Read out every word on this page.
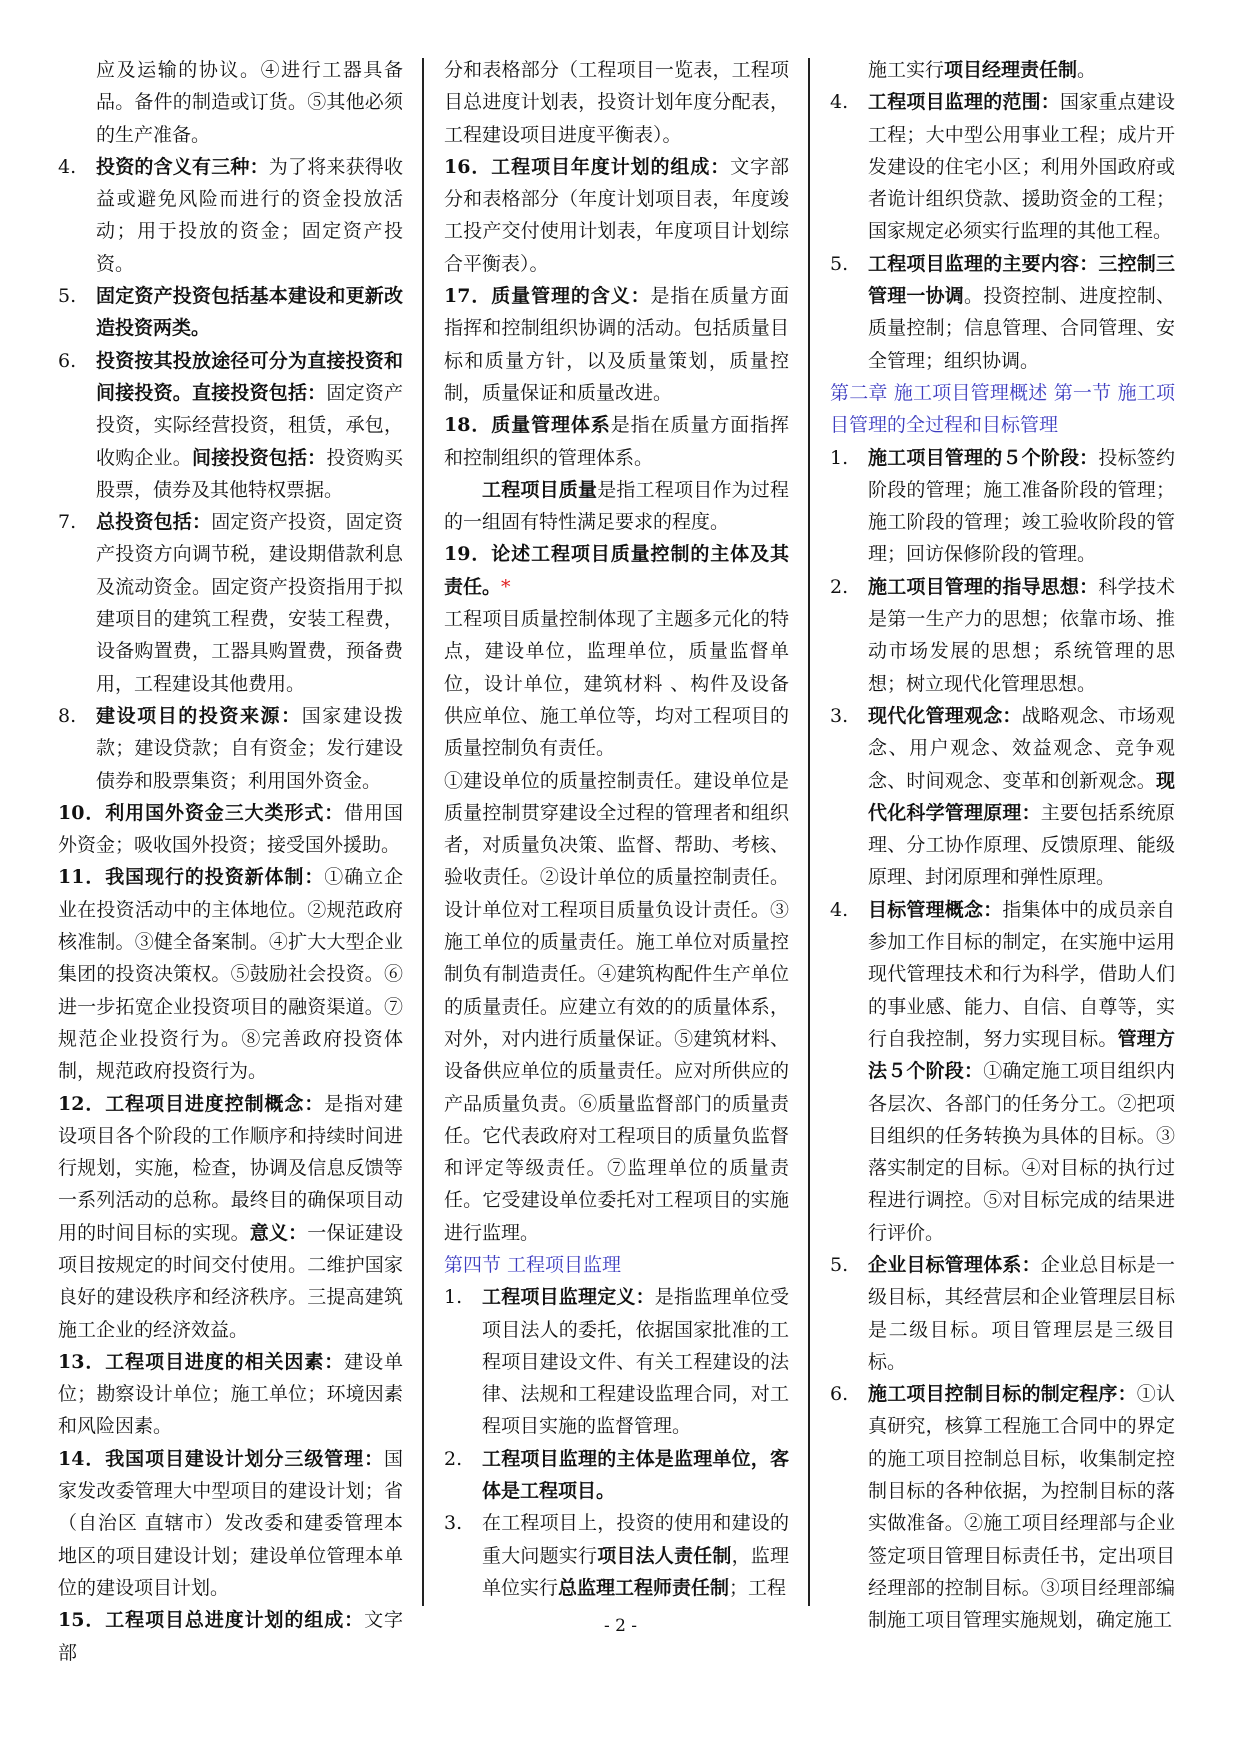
应及运输的协议。④进行工器具备品。备件的制造或订货。⑤其他必须的生产准备。

4. 投资的含义有三种：为了将来获得收益或避免风险而进行的资金投放活动；用于投放的资金；固定资产投资。

5. 固定资产投资包括基本建设和更新改造投资两类。

6. 投资按其投放途径可分为直接投资和间接投资。直接投资包括：固定资产投资，实际经营投资，租赁，承包，收购企业。间接投资包括：投资购买股票，债券及其他特权票据。

7. 总投资包括：固定资产投资，固定资产投资方向调节税，建设期借款利息及流动资金。固定资产投资指用于拟建项目的建筑工程费，安装工程费，设备购置费，工器具购置费，预备费用，工程建设其他费用。

8. 建设项目的投资来源：国家建设拨款；建设贷款；自有资金；发行建设债券和股票集资；利用国外资金。

10．利用国外资金三大类形式：借用国外资金；吸收国外投资；接受国外援助。

11．我国现行的投资新体制：①确立企业在投资活动中的主体地位。②规范政府核准制。③健全备案制。④扩大大型企业集团的投资决策权。⑤鼓励社会投资。⑥进一步拓宽企业投资项目的融资渠道。⑦规范企业投资行为。⑧完善政府投资体制，规范政府投资行为。

12．工程项目进度控制概念：是指对建设项目各个阶段的工作顺序和持续时间进行规划，实施，检查，协调及信息反馈等一系列活动的总称。最终目的确保项目动用的时间目标的实现。意义：一保证建设项目按规定的时间交付使用。二维护国家良好的建设秩序和经济秩序。三提高建筑施工企业的经济效益。

13．工程项目进度的相关因素：建设单位；勘察设计单位；施工单位；环境因素和风险因素。

14．我国项目建设计划分三级管理：国家发改委管理大中型项目的建设计划；省（自治区 直辖市）发改委和建委管理本地区的项目建设计划；建设单位管理本单位的建设项目计划。

15．工程项目总进度计划的组成：文字部

分和表格部分（工程项目一览表，工程项目总进度计划表，投资计划年度分配表，工程建设项目进度平衡表）。

16．工程项目年度计划的组成：文字部分和表格部分（年度计划项目表，年度竣工投产交付使用计划表，年度项目计划综合平衡表）。

17．质量管理的含义：是指在质量方面指挥和控制组织协调的活动。包括质量目标和质量方针，以及质量策划，质量控制，质量保证和质量改进。

18．质量管理体系是指在质量方面指挥和控制组织的管理体系。

工程项目质量是指工程项目作为过程的一组固有特性满足要求的程度。

19．论述工程项目质量控制的主体及其责任。*

工程项目质量控制体现了主题多元化的特点，建设单位，监理单位，质量监督单位，设计单位，建筑材料 、构件及设备供应单位、施工单位等，均对工程项目的质量控制负有责任。

①建设单位的质量控制责任。建设单位是质量控制贯穿建设全过程的管理者和组织者，对质量负决策、监督、帮助、考核、验收责任。②设计单位的质量控制责任。设计单位对工程项目质量负设计责任。③施工单位的质量责任。施工单位对质量控制负有制造责任。④建筑构配件生产单位的质量责任。应建立有效的的质量体系，对外，对内进行质量保证。⑤建筑材料、设备供应单位的质量责任。应对所供应的产品质量负责。⑥质量监督部门的质量责任。它代表政府对工程项目的质量负监督和评定等级责任。⑦监理单位的质量责任。它受建设单位委托对工程项目的实施进行监理。

第四节 工程项目监理

1. 工程项目监理定义：是指监理单位受项目法人的委托，依据国家批准的工程项目建设文件、有关工程建设的法律、法规和工程建设监理合同，对工程项目实施的监督管理。

2. 工程项目监理的主体是监理单位，客体是工程项目。

3. 在工程项目上，投资的使用和建设的重大问题实行项目法人责任制，监理单位实行总监理工程师责任制；工程

施工实行项目经理责任制。

4. 工程项目监理的范围：国家重点建设工程；大中型公用事业工程；成片开发建设的住宅小区；利用外国政府或者诡计组织贷款、援助资金的工程；国家规定必须实行监理的其他工程。

5. 工程项目监理的主要内容：三控制三管理一协调。投资控制、进度控制、质量控制；信息管理、合同管理、安全管理；组织协调。

第二章 施工项目管理概述 第一节 施工项目管理的全过程和目标管理

1. 施工项目管理的５个阶段：投标签约阶段的管理；施工准备阶段的管理；施工阶段的管理；竣工验收阶段的管理；回访保修阶段的管理。

2. 施工项目管理的指导思想：科学技术是第一生产力的思想；依靠市场、推动市场发展的思想；系统管理的思想；树立现代化管理思想。

3. 现代化管理观念：战略观念、市场观念、用户观念、效益观念、竞争观念、时间观念、变革和创新观念。现代化科学管理原理：主要包括系统原理、分工协作原理、反馈原理、能级原理、封闭原理和弹性原理。

4. 目标管理概念：指集体中的成员亲自参加工作目标的制定，在实施中运用现代管理技术和行为科学，借助人们的事业感、能力、自信、自尊等，实行自我控制，努力实现目标。管理方法５个阶段：①确定施工项目组织内各层次、各部门的任务分工。②把项目组织的任务转换为具体的目标。③落实制定的目标。④对目标的执行过程进行调控。⑤对目标完成的结果进行评价。

5. 企业目标管理体系：企业总目标是一级目标，其经营层和企业管理层目标是二级目标。项目管理层是三级目标。

6. 施工项目控制目标的制定程序：①认真研究，核算工程施工合同中的界定的施工项目控制总目标，收集制定控制目标的各种依据，为控制目标的落实做准备。②施工项目经理部与企业签定项目管理目标责任书，定出项目经理部的控制目标。③项目经理部编制施工项目管理实施规划，确定施工

- 2 -
